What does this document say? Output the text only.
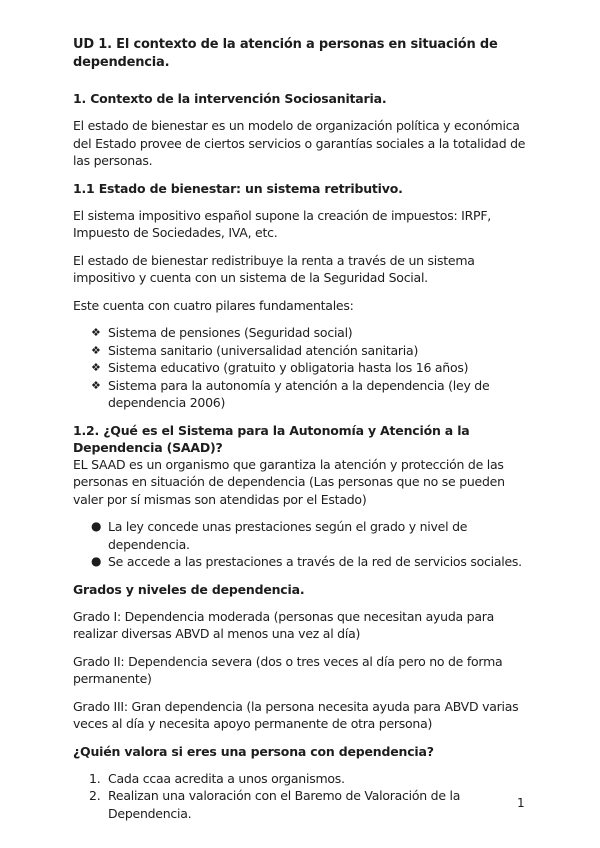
UD 1. El contexto de la atención a personas en situación de dependencia.
1. Contexto de la intervención Sociosanitaria.

El estado de bienestar es un modelo de organización política y económica del Estado provee de ciertos servicios o garantías sociales a la totalidad de las personas.

1.1 Estado de bienestar: un sistema retributivo.

El sistema impositivo español supone la creación de impuestos: IRPF, Impuesto de Sociedades, IVA, etc.

El estado de bienestar redistribuye la renta a través de un sistema impositivo y cuenta con un sistema de la Seguridad Social.

Este cuenta con cuatro pilares fundamentales:

❖ Sistema de pensiones (Seguridad social)
❖ Sistema sanitario (universalidad atención sanitaria)
❖ Sistema educativo (gratuito y obligatoria hasta los 16 años)
❖ Sistema para la autonomía y atención a la dependencia (ley de dependencia 2006)
1.2. ¿Qué es el Sistema para la Autonomía y Atención a la Dependencia (SAAD)?

EL SAAD es un organismo que garantiza la atención y protección de las personas en situación de dependencia (Las personas que no se pueden valer por sí mismas son atendidas por el Estado)

● La ley concede unas prestaciones según el grado y nivel de dependencia.
● Se accede a las prestaciones a través de la red de servicios sociales.
Grados y niveles de dependencia.

Grado I: Dependencia moderada (personas que necesitan ayuda para realizar diversas ABVD al menos una vez al día)

Grado II: Dependencia severa (dos o tres veces al día pero no de forma permanente)

Grado III: Gran dependencia (la persona necesita ayuda para ABVD varias veces al día y necesita apoyo permanente de otra persona)

¿Quién valora si eres una persona con dependencia?
1. Cada ccaa acredita a unos organismos.
2. Realizan una valoración con el Baremo de Valoración de la Dependencia.
1
